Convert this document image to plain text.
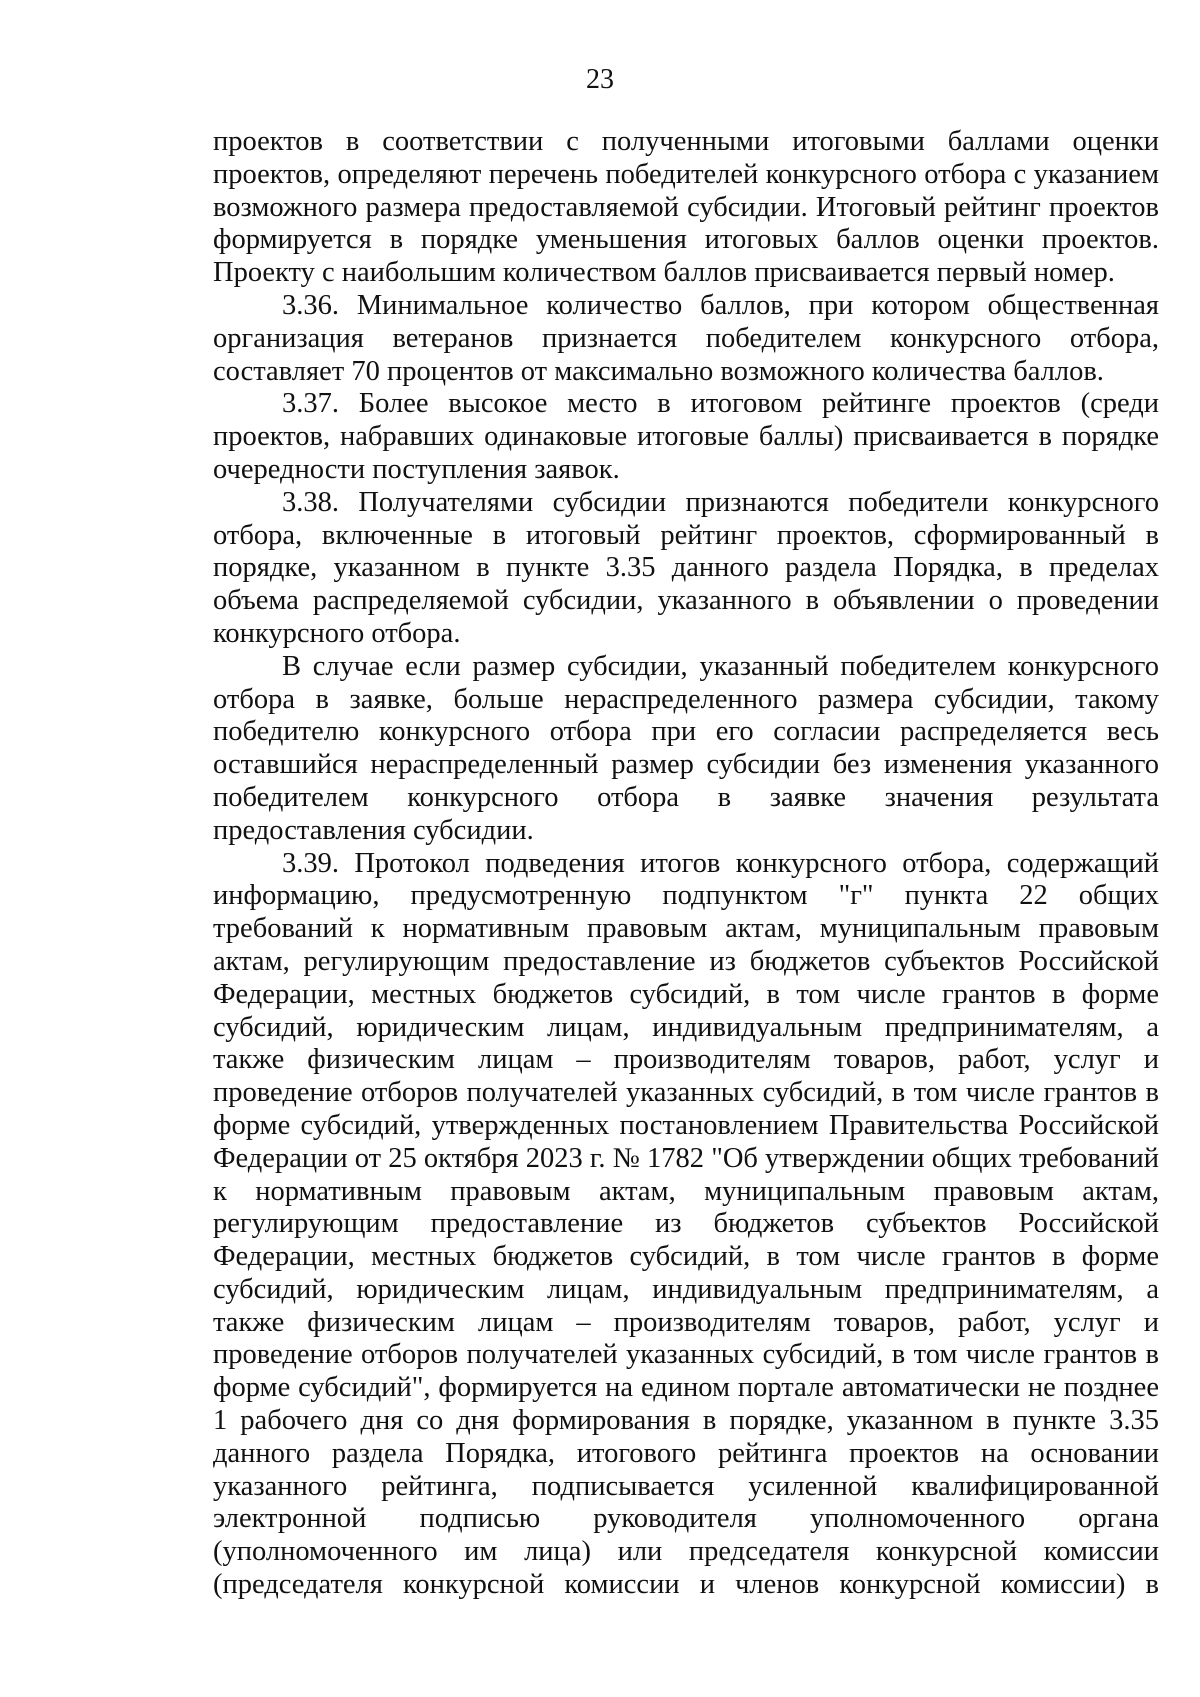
23

проектов в соответствии с полученными итоговыми баллами оценки проектов, определяют перечень победителей конкурсного отбора с указанием возможного размера предоставляемой субсидии. Итоговый рейтинг проектов формируется в порядке уменьшения итоговых баллов оценки проектов. Проекту с наибольшим количеством баллов присваивается первый номер.

3.36. Минимальное количество баллов, при котором общественная организация ветеранов признается победителем конкурсного отбора, составляет 70 процентов от максимально возможного количества баллов.

3.37. Более высокое место в итоговом рейтинге проектов (среди проектов, набравших одинаковые итоговые баллы) присваивается в порядке очередности поступления заявок.

3.38. Получателями субсидии признаются победители конкурсного отбора, включенные в итоговый рейтинг проектов, сформированный в порядке, указанном в пункте 3.35 данного раздела Порядка, в пределах объема распределяемой субсидии, указанного в объявлении о проведении конкурсного отбора.

В случае если размер субсидии, указанный победителем конкурсного отбора в заявке, больше нераспределенного размера субсидии, такому победителю конкурсного отбора при его согласии распределяется весь оставшийся нераспределенный размер субсидии без изменения указанного победителем конкурсного отбора в заявке значения результата предоставления субсидии.

3.39. Протокол подведения итогов конкурсного отбора, содержащий информацию, предусмотренную подпунктом "г" пункта 22 общих требований к нормативным правовым актам, муниципальным правовым актам, регулирующим предоставление из бюджетов субъектов Российской Федерации, местных бюджетов субсидий, в том числе грантов в форме субсидий, юридическим лицам, индивидуальным предпринимателям, а также физическим лицам – производителям товаров, работ, услуг и проведение отборов получателей указанных субсидий, в том числе грантов в форме субсидий, утвержденных постановлением Правительства Российской Федерации от 25 октября 2023 г. № 1782 "Об утверждении общих требований к нормативным правовым актам, муниципальным правовым актам, регулирующим предоставление из бюджетов субъектов Российской Федерации, местных бюджетов субсидий, в том числе грантов в форме субсидий, юридическим лицам, индивидуальным предпринимателям, а также физическим лицам – производителям товаров, работ, услуг и проведение отборов получателей указанных субсидий, в том числе грантов в форме субсидий", формируется на едином портале автоматически не позднее 1 рабочего дня со дня формирования в порядке, указанном в пункте 3.35 данного раздела Порядка, итогового рейтинга проектов на основании указанного рейтинга, подписывается усиленной квалифицированной электронной подписью руководителя уполномоченного органа (уполномоченного им лица) или председателя конкурсной комиссии (председателя конкурсной комиссии и членов конкурсной комиссии) в
